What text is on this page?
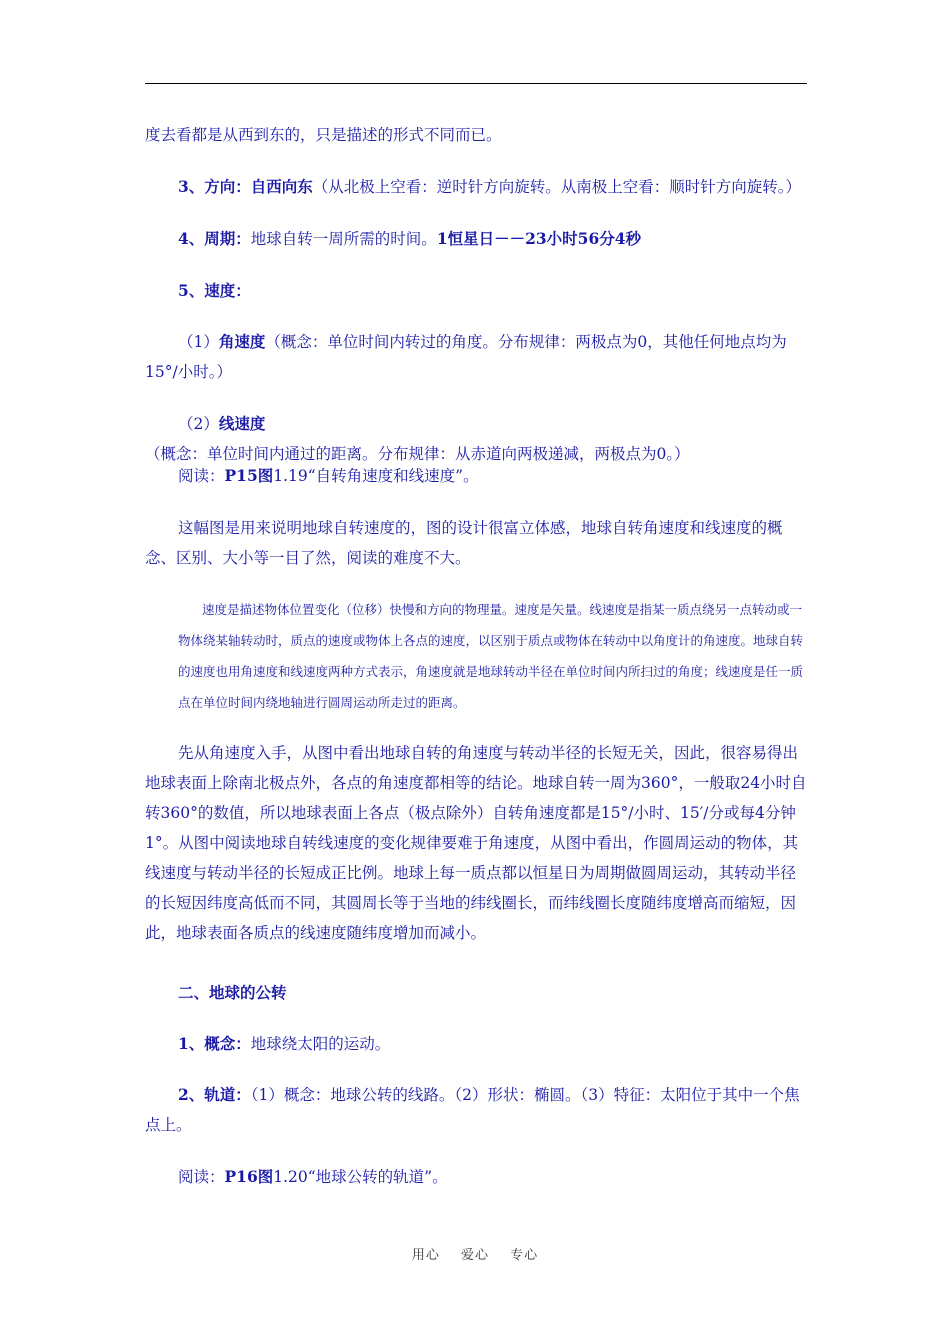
度去看都是从西到东的，只是描述的形式不同而已。

3、方向：自西向东（从北极上空看：逆时针方向旋转。从南极上空看：顺时针方向旋转。）

4、周期：地球自转一周所需的时间。1恒星日－－23小时56分4秒

5、速度：

（1）角速度（概念：单位时间内转过的角度。分布规律：两极点为0，其他任何地点均为15°/小时。）

（2）线速度（概念：单位时间内通过的距离。分布规律：从赤道向两极递减，两极点为0。）

阅读：P15图1.19“自转角速度和线速度”。

这幅图是用来说明地球自转速度的，图的设计很富立体感，地球自转角速度和线速度的概念、区别、大小等一目了然，阅读的难度不大。

速度是描述物体位置变化（位移）快慢和方向的物理量。速度是矢量。线速度是指某一质点绕另一点转动或一物体绕某轴转动时，质点的速度或物体上各点的速度，以区别于质点或物体在转动中以角度计的角速度。地球自转的速度也用角速度和线速度两种方式表示，角速度就是地球转动半径在单位时间内所扫过的角度；线速度是任一质点在单位时间内绕地轴进行圆周运动所走过的距离。

先从角速度入手，从图中看出地球自转的角速度与转动半径的长短无关，因此，很容易得出地球表面上除南北极点外，各点的角速度都相等的结论。地球自转一周为360°，一般取24小时自转360°的数值，所以地球表面上各点（极点除外）自转角速度都是15°/小时、15′/分或每4分钟1°。从图中阅读地球自转线速度的变化规律要难于角速度，从图中看出，作圆周运动的物体，其线速度与转动半径的长短成正比例。地球上每一质点都以恒星日为周期做圆周运动，其转动半径的长短因纬度高低而不同，其圆周长等于当地的纬线圈长，而纬线圈长度随纬度增高而缩短，因此，地球表面各质点的线速度随纬度增加而减小。

二、地球的公转

1、概念：地球绕太阳的运动。

2、轨道：（1）概念：地球公转的线路。（2）形状：椭圆。（3）特征：太阳位于其中一个焦点上。

阅读：P16图1.20“地球公转的轨道”。

用心 爱心 专心
